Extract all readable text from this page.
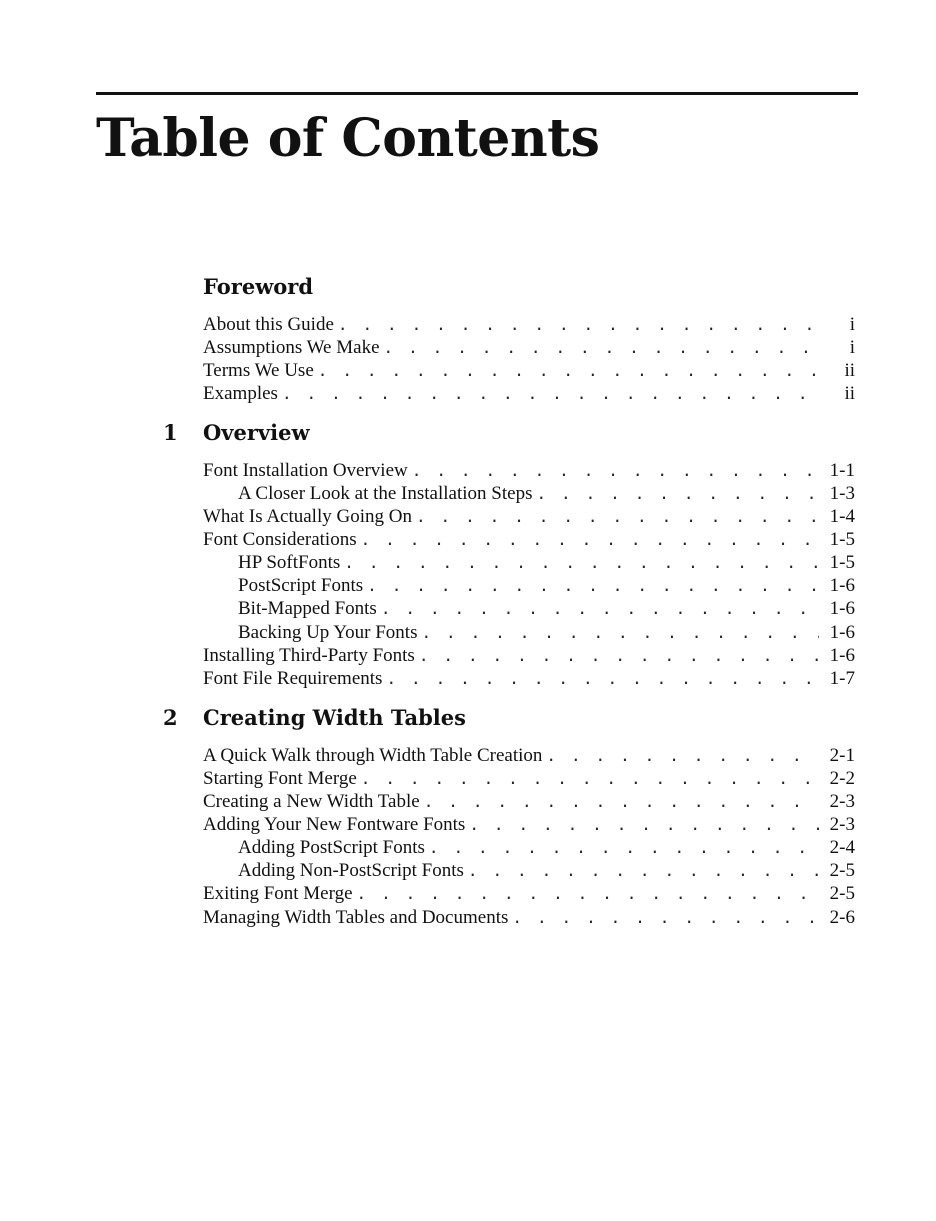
Table of Contents
Foreword
About this Guide . . .	i
Assumptions We Make . . .	i
Terms We Use . . .	ii
Examples . . .	ii
1 Overview
Font Installation Overview . . .	1-1
A Closer Look at the Installation Steps . . .	1-3
What Is Actually Going On . . .	1-4
Font Considerations . . .	1-5
HP SoftFonts . . .	1-5
PostScript Fonts . . .	1-6
Bit-Mapped Fonts . . .	1-6
Backing Up Your Fonts . . .	1-6
Installing Third-Party Fonts . . .	1-6
Font File Requirements . . .	1-7
2 Creating Width Tables
A Quick Walk through Width Table Creation . . .	2-1
Starting Font Merge . . .	2-2
Creating a New Width Table . . .	2-3
Adding Your New Fontware Fonts . . .	2-3
Adding PostScript Fonts . . .	2-4
Adding Non-PostScript Fonts . . .	2-5
Exiting Font Merge . . .	2-5
Managing Width Tables and Documents . . .	2-6
